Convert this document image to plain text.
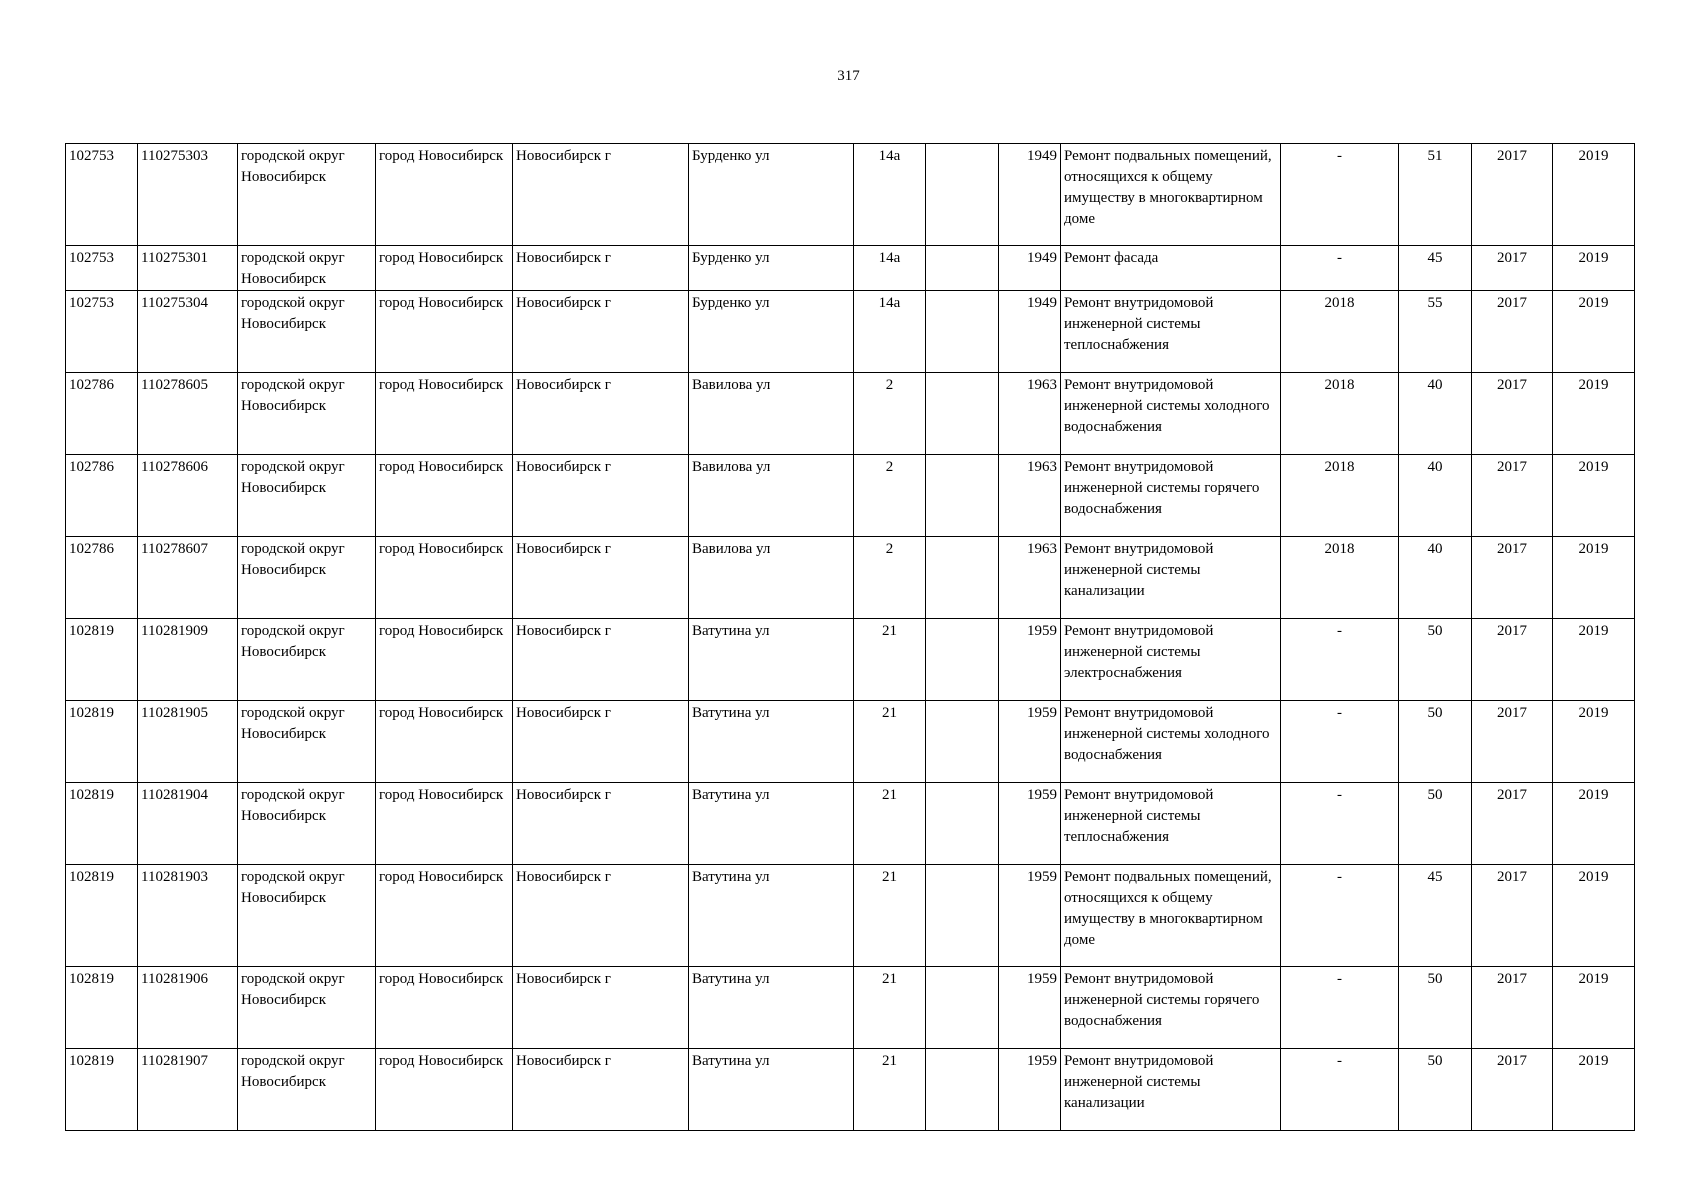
317
102753	110275303	городской округ Новосибирск	город Новосибирск	Новосибирск г	Бурденко ул	14а		1949	Ремонт подвальных помещений, относящихся к общему имуществу в многоквартирном доме	-	51	2017	2019
102753	110275301	городской округ Новосибирск	город Новосибирск	Новосибирск г	Бурденко ул	14а		1949	Ремонт фасада	-	45	2017	2019
102753	110275304	городской округ Новосибирск	город Новосибирск	Новосибирск г	Бурденко ул	14а		1949	Ремонт внутридомовой инженерной системы теплоснабжения	2018	55	2017	2019
102786	110278605	городской округ Новосибирск	город Новосибирск	Новосибирск г	Вавилова ул	2		1963	Ремонт внутридомовой инженерной системы холодного водоснабжения	2018	40	2017	2019
102786	110278606	городской округ Новосибирск	город Новосибирск	Новосибирск г	Вавилова ул	2		1963	Ремонт внутридомовой инженерной системы горячего водоснабжения	2018	40	2017	2019
102786	110278607	городской округ Новосибирск	город Новосибирск	Новосибирск г	Вавилова ул	2		1963	Ремонт внутридомовой инженерной системы канализации	2018	40	2017	2019
102819	110281909	городской округ Новосибирск	город Новосибирск	Новосибирск г	Ватутина ул	21		1959	Ремонт внутридомовой инженерной системы электроснабжения	-	50	2017	2019
102819	110281905	городской округ Новосибирск	город Новосибирск	Новосибирск г	Ватутина ул	21		1959	Ремонт внутридомовой инженерной системы холодного водоснабжения	-	50	2017	2019
102819	110281904	городской округ Новосибирск	город Новосибирск	Новосибирск г	Ватутина ул	21		1959	Ремонт внутридомовой инженерной системы теплоснабжения	-	50	2017	2019
102819	110281903	городской округ Новосибирск	город Новосибирск	Новосибирск г	Ватутина ул	21		1959	Ремонт подвальных помещений, относящихся к общему имуществу в многоквартирном доме	-	45	2017	2019
102819	110281906	городской округ Новосибирск	город Новосибирск	Новосибирск г	Ватутина ул	21		1959	Ремонт внутридомовой инженерной системы горячего водоснабжения	-	50	2017	2019
102819	110281907	городской округ Новосибирск	город Новосибирск	Новосибирск г	Ватутина ул	21		1959	Ремонт внутридомовой инженерной системы канализации	-	50	2017	2019
